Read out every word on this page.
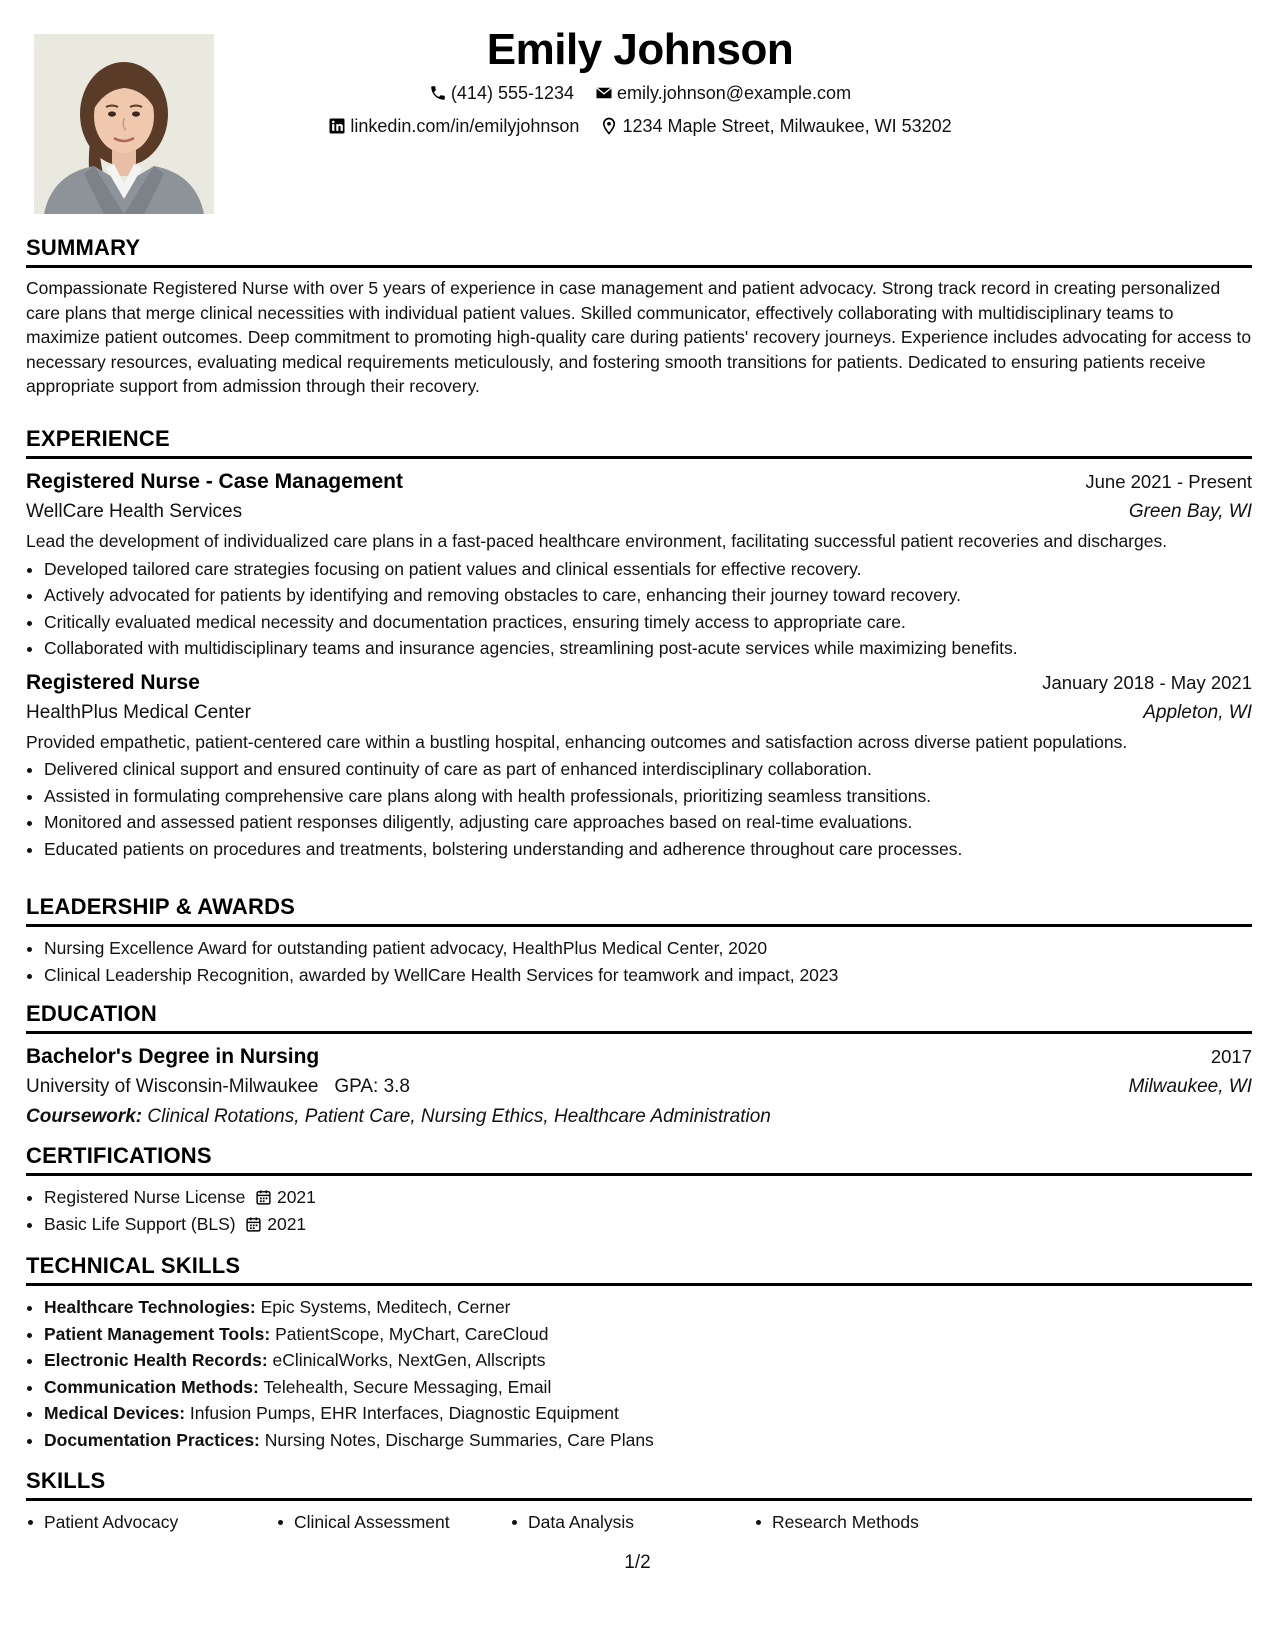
Emily Johnson
(414) 555-1234
emily.johnson@example.com
linkedin.com/in/emilyjohnson
1234 Maple Street, Milwaukee, WI 53202
SUMMARY

Compassionate Registered Nurse with over 5 years of experience in case management and patient advocacy. Strong track record in creating personalized care plans that merge clinical necessities with individual patient values. Skilled communicator, effectively collaborating with multidisciplinary teams to maximize patient outcomes. Deep commitment to promoting high-quality care during patients' recovery journeys. Experience includes advocating for access to necessary resources, evaluating medical requirements meticulously, and fostering smooth transitions for patients. Dedicated to ensuring patients receive appropriate support from admission through their recovery.

EXPERIENCE
Registered Nurse - Case Management	June 2021 - Present
WellCare Health Services	Green Bay, WI

Lead the development of individualized care plans in a fast-paced healthcare environment, facilitating successful patient recoveries and discharges.

• Developed tailored care strategies focusing on patient values and clinical essentials for effective recovery.
• Actively advocated for patients by identifying and removing obstacles to care, enhancing their journey toward recovery.
• Critically evaluated medical necessity and documentation practices, ensuring timely access to appropriate care.
• Collaborated with multidisciplinary teams and insurance agencies, streamlining post-acute services while maximizing benefits.
Registered Nurse	January 2018 - May 2021
HealthPlus Medical Center	Appleton, WI

Provided empathetic, patient-centered care within a bustling hospital, enhancing outcomes and satisfaction across diverse patient populations.

• Delivered clinical support and ensured continuity of care as part of enhanced interdisciplinary collaboration.
• Assisted in formulating comprehensive care plans along with health professionals, prioritizing seamless transitions.
• Monitored and assessed patient responses diligently, adjusting care approaches based on real-time evaluations.
• Educated patients on procedures and treatments, bolstering understanding and adherence throughout care processes.
LEADERSHIP & AWARDS
• Nursing Excellence Award for outstanding patient advocacy, HealthPlus Medical Center, 2020
• Clinical Leadership Recognition, awarded by WellCare Health Services for teamwork and impact, 2023
EDUCATION
Bachelor's Degree in Nursing	2017
University of Wisconsin-Milwaukee GPA: 3.8	Milwaukee, WI
Coursework: Clinical Rotations, Patient Care, Nursing Ethics, Healthcare Administration
CERTIFICATIONS
• Registered Nurse License 2021
• Basic Life Support (BLS) 2021
TECHNICAL SKILLS
• Healthcare Technologies: Epic Systems, Meditech, Cerner
• Patient Management Tools: PatientScope, MyChart, CareCloud
• Electronic Health Records: eClinicalWorks, NextGen, Allscripts
• Communication Methods: Telehealth, Secure Messaging, Email
• Medical Devices: Infusion Pumps, EHR Interfaces, Diagnostic Equipment
• Documentation Practices: Nursing Notes, Discharge Summaries, Care Plans
SKILLS
Patient Advocacy	Clinical Assessment	Data Analysis	Research Methods
1/2
